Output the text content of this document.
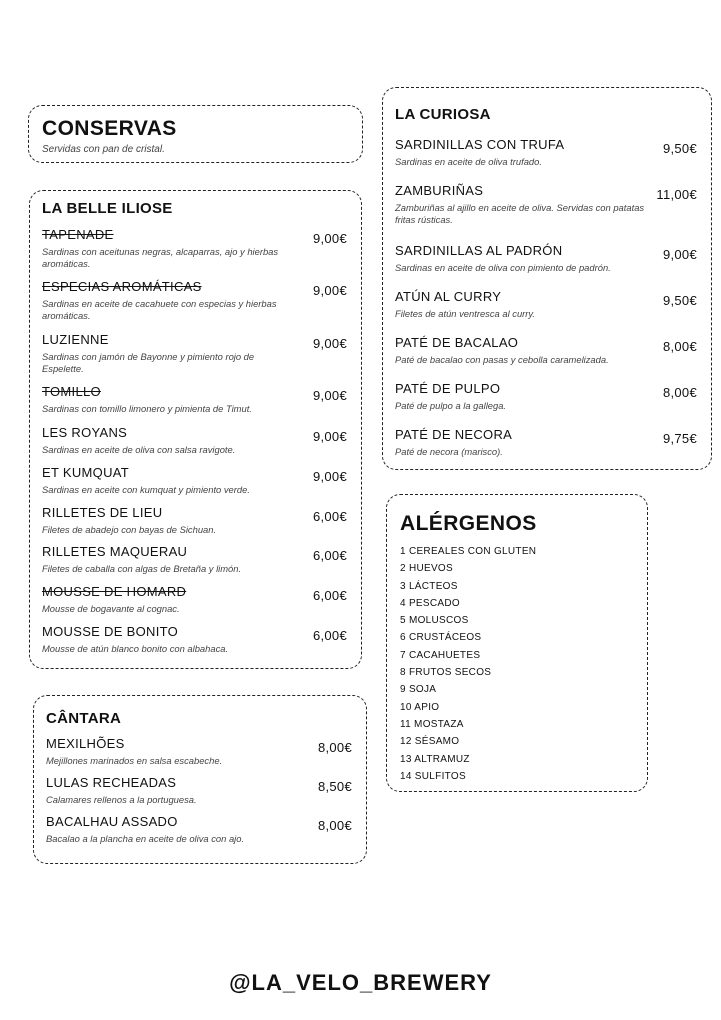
CONSERVAS
Servidas con pan de cristal.
LA BELLE ILIOSE
TAPENADE	9,00€
Sardinas con aceitunas negras, alcaparras, ajo y hierbas aromáticas.
ESPECIAS AROMÁTICAS	9,00€
Sardinas en aceite de cacahuete con especias y hierbas aromáticas.
LUZIENNE	9,00€
Sardinas con jamón de Bayonne y pimiento rojo de Espelette.
TOMILLO	9,00€
Sardinas con tomillo limonero y pimienta de Timut.
LES ROYANS	9,00€
Sardinas en aceite de oliva con salsa ravigote.
ET KUMQUAT	9,00€
Sardinas en aceite con kumquat y pimiento verde.
RILLETES DE LIEU	6,00€
Filetes de abadejo con bayas de Sichuan.
RILLETES MAQUERAU	6,00€
Filetes de caballa con algas de Bretaña y limón.
MOUSSE DE HOMARD	6,00€
Mousse de bogavante al cognac.
MOUSSE DE BONITO	6,00€
Mousse de atún blanco bonito con albahaca.
CÂNTARA
MEXILHÕES	8,00€
Mejillones marinados en salsa escabeche.
LULAS RECHEADAS	8,50€
Calamares rellenos a la portuguesa.
BACALHAU ASSADO	8,00€
Bacalao a la plancha en aceite de oliva con ajo.
LA CURIOSA
SARDINILLAS CON TRUFA	9,50€
Sardinas en aceite de oliva trufado.
ZAMBURIÑAS	11,00€
Zamburiñas al ajillo en aceite de oliva. Servidas con patatas fritas rústicas.
SARDINILLAS AL PADRÓN	9,00€
Sardinas en aceite de oliva con pimiento de padrón.
ATÚN AL CURRY	9,50€
Filetes de atún ventresca al curry.
PATÉ DE BACALAO	8,00€
Paté de bacalao con pasas y cebolla caramelizada.
PATÉ DE PULPO	8,00€
Paté de pulpo a la gallega.
PATÉ DE NECORA	9,75€
Paté de necora (marisco).
ALÉRGENOS
1 CEREALES CON GLUTEN
2 HUEVOS
3 LÁCTEOS
4 PESCADO
5 MOLUSCOS
6 CRUSTÁCEOS
7 CACAHUETES
8 FRUTOS SECOS
9 SOJA
10 APIO
11 MOSTAZA
12 SÉSAMO
13 ALTRAMUZ
14 SULFITOS
@LA_VELO_BREWERY
